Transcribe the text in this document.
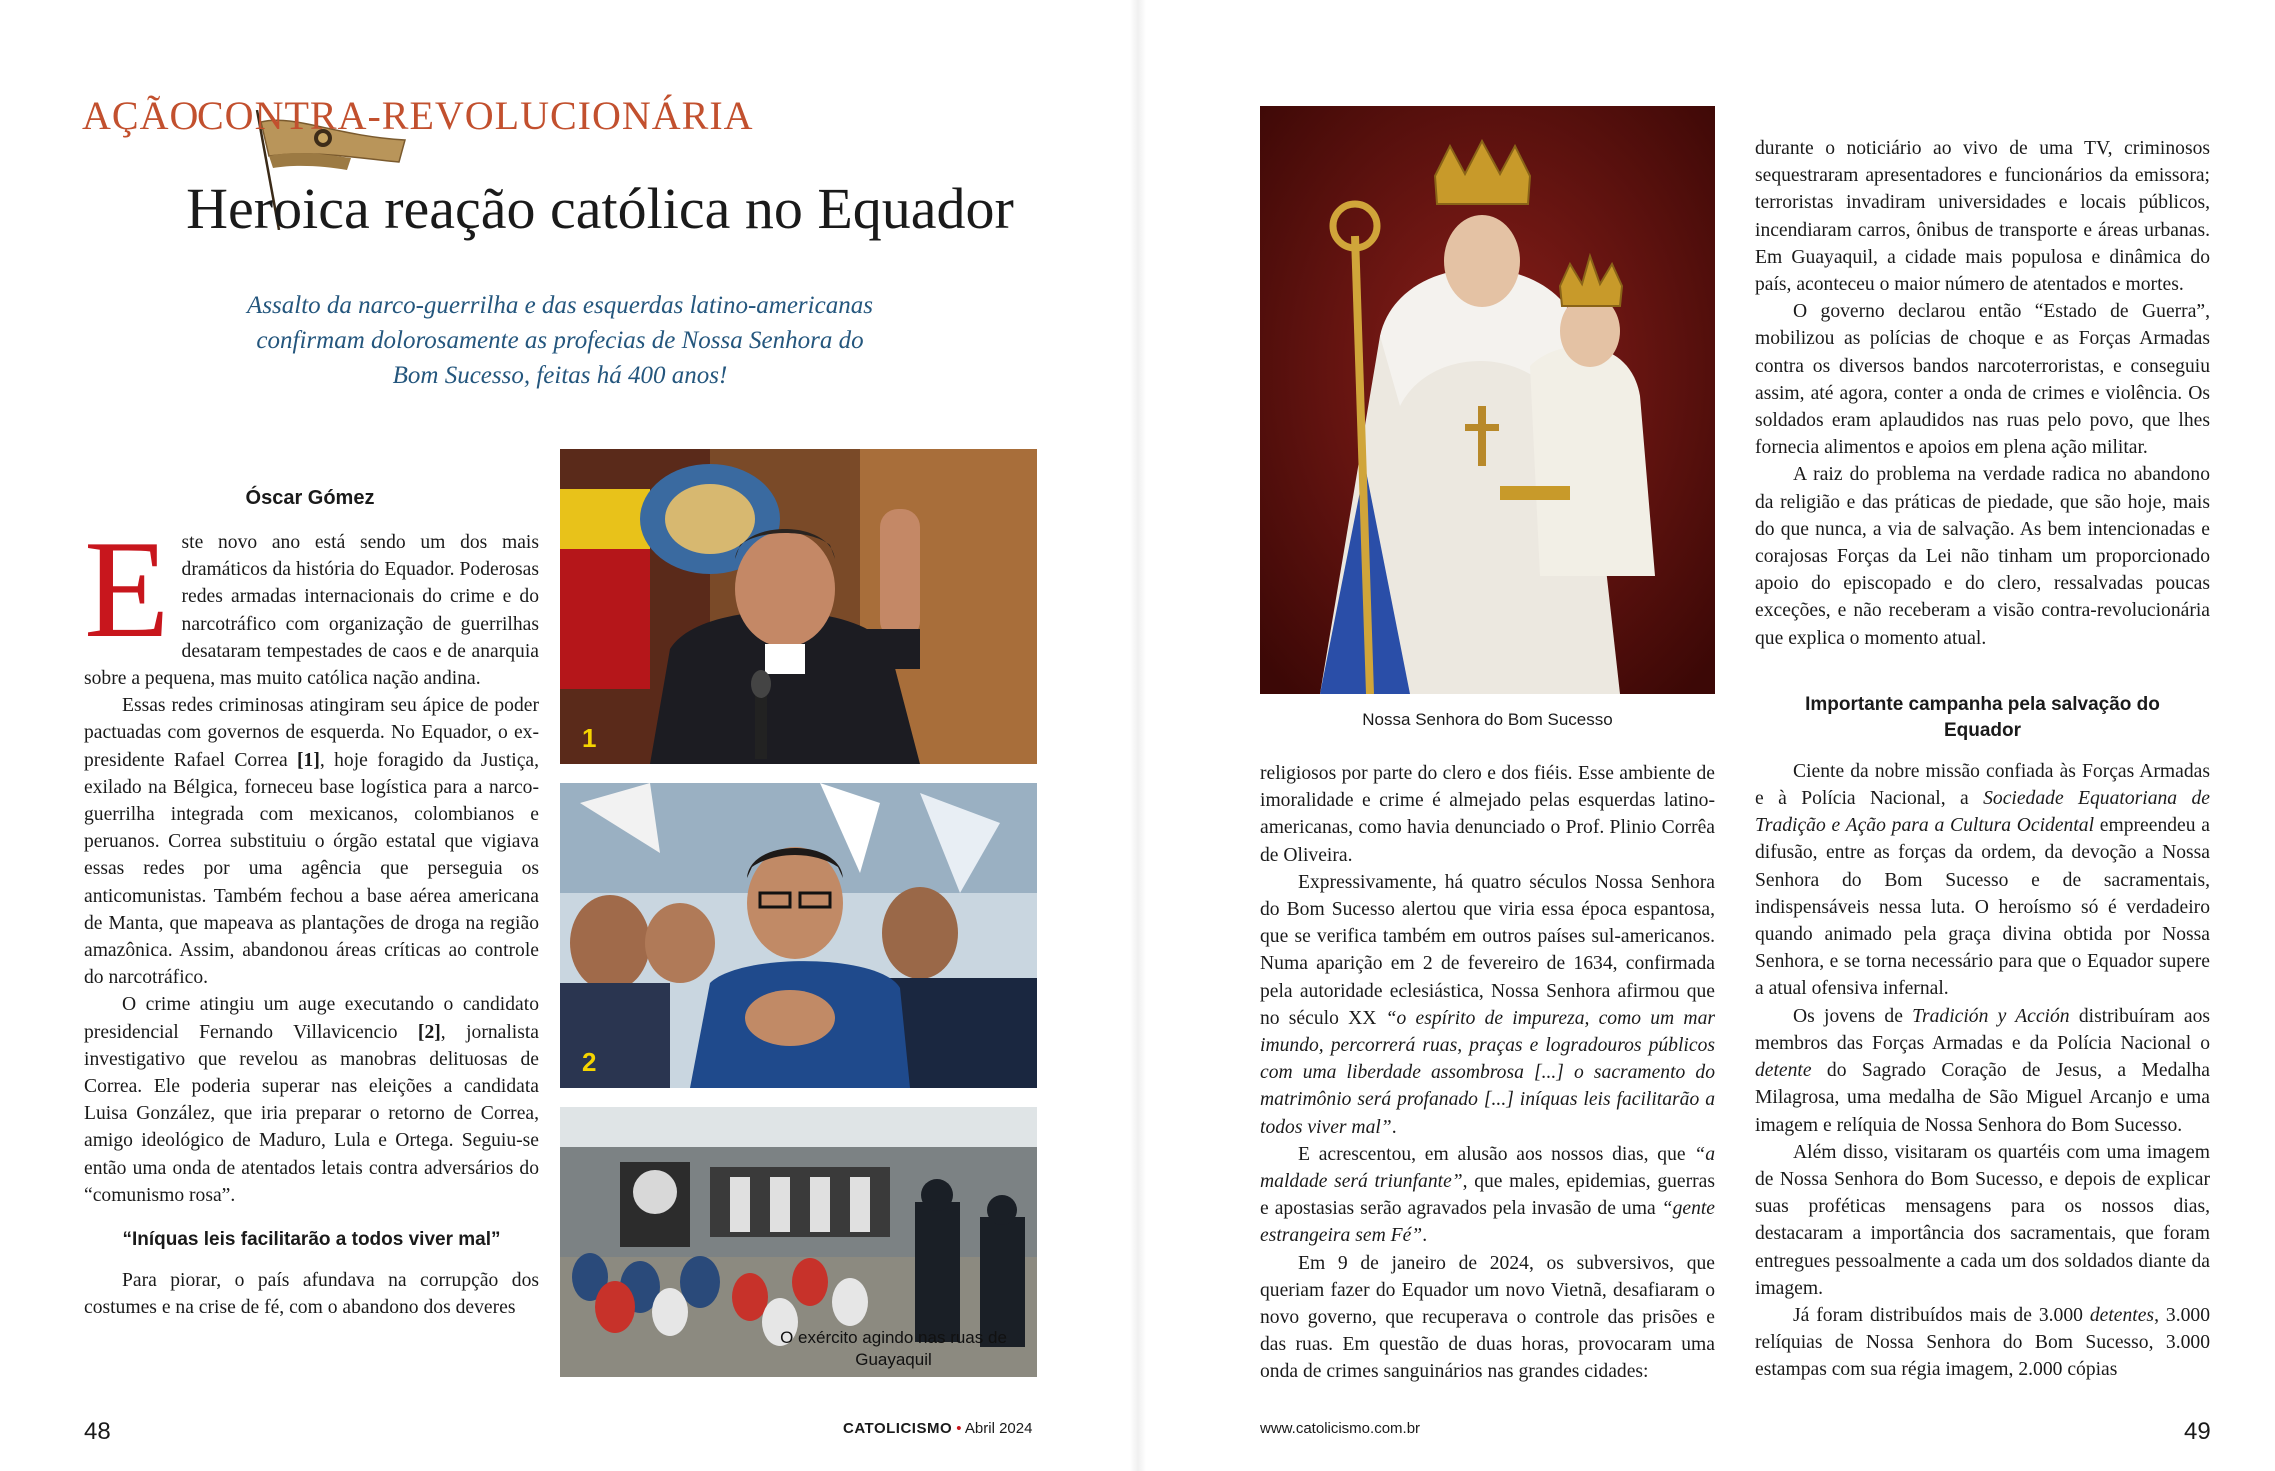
AÇÃO
CONTRA-REVOLUCIONÁRIA
Heroica reação católica no Equador
Assalto da narco-guerrilha e das esquerdas latino-americanas confirmam dolorosamente as profecias de Nossa Senhora do Bom Sucesso, feitas há 400 anos!
Óscar Gómez
E ste novo ano está sendo um dos mais dramáticos da história do Equador. Poderosas redes armadas internacionais do crime e do narcotráfico com organização de guerrilhas desataram tempestades de caos e de anarquia sobre a pequena, mas muito católica nação andina.

Essas redes criminosas atingiram seu ápice de poder pactuadas com governos de esquerda. No Equador, o ex-presidente Rafael Correa [1], hoje foragido da Justiça, exilado na Bélgica, forneceu base logística para a narco-guerrilha integrada com mexicanos, colombianos e peruanos. Correa substituiu o órgão estatal que vigiava essas redes por uma agência que perseguia os anticomunistas. Também fechou a base aérea americana de Manta, que mapeava as plantações de droga na região amazônica. Assim, abandonou áreas críticas ao controle do narcotráfico.

O crime atingiu um auge executando o candidato presidencial Fernando Villavicencio [2], jornalista investigativo que revelou as manobras delituosas de Correa. Ele poderia superar nas eleições a candidata Luisa González, que iria preparar o retorno de Correa, amigo ideológico de Maduro, Lula e Ortega. Seguiu-se então uma onda de atentados letais contra adversários do “comunismo rosa”.

“Iníquas leis facilitarão a todos viver mal”

Para piorar, o país afundava na corrupção dos costumes e na crise de fé, com o abandono dos deveres

1
2
O exército agindo nas ruas de Guayaquil
48	CATOLICISMO • Abril 2024
Nossa Senhora do Bom Sucesso

religiosos por parte do clero e dos fiéis. Esse ambiente de imoralidade e crime é almejado pelas esquerdas latino-americanas, como havia denunciado o Prof. Plinio Corrêa de Oliveira.

Expressivamente, há quatro séculos Nossa Senhora do Bom Sucesso alertou que viria essa época espantosa, que se verifica também em outros países sul-americanos. Numa aparição em 2 de fevereiro de 1634, confirmada pela autoridade eclesiástica, Nossa Senhora afirmou que no século XX “o espírito de impureza, como um mar imundo, percorrerá ruas, praças e logradouros públicos com uma liberdade assombrosa [...] o sacramento do matrimônio será profanado [...] iníquas leis facilitarão a todos viver mal”.

E acrescentou, em alusão aos nossos dias, que “a maldade será triunfante”, que males, epidemias, guerras e apostasias serão agravados pela invasão de uma “gente estrangeira sem Fé”.

Em 9 de janeiro de 2024, os subversivos, que queriam fazer do Equador um novo Vietnã, desafiaram o novo governo, que recuperava o controle das prisões e das ruas. Em questão de duas horas, provocaram uma onda de crimes sanguinários nas grandes cidades:

durante o noticiário ao vivo de uma TV, criminosos sequestraram apresentadores e funcionários da emissora; terroristas invadiram universidades e locais públicos, incendiaram carros, ônibus de transporte e áreas urbanas. Em Guayaquil, a cidade mais populosa e dinâmica do país, aconteceu o maior número de atentados e mortes.

O governo declarou então “Estado de Guerra”, mobilizou as polícias de choque e as Forças Armadas contra os diversos bandos narcoterroristas, e conseguiu assim, até agora, conter a onda de crimes e violência. Os soldados eram aplaudidos nas ruas pelo povo, que lhes fornecia alimentos e apoios em plena ação militar.

A raiz do problema na verdade radica no abandono da religião e das práticas de piedade, que são hoje, mais do que nunca, a via de salvação. As bem intencionadas e corajosas Forças da Lei não tinham um proporcionado apoio do episcopado e do clero, ressalvadas poucas exceções, e não receberam a visão contra-revolucionária que explica o momento atual.

Importante campanha pela salvação do Equador

Ciente da nobre missão confiada às Forças Armadas e à Polícia Nacional, a Sociedade Equatoriana de Tradição e Ação para a Cultura Ocidental empreendeu a difusão, entre as forças da ordem, da devoção a Nossa Senhora do Bom Sucesso e de sacramentais, indispensáveis nessa luta. O heroísmo só é verdadeiro quando animado pela graça divina obtida por Nossa Senhora, e se torna necessário para que o Equador supere a atual ofensiva infernal.

Os jovens de Tradición y Acción distribuíram aos membros das Forças Armadas e da Polícia Nacional o detente do Sagrado Coração de Jesus, a Medalha Milagrosa, uma medalha de São Miguel Arcanjo e uma imagem e relíquia de Nossa Senhora do Bom Sucesso.

Além disso, visitaram os quartéis com uma imagem de Nossa Senhora do Bom Sucesso, e depois de explicar suas proféticas mensagens para os nossos dias, destacaram a importância dos sacramentais, que foram entregues pessoalmente a cada um dos soldados diante da imagem.

Já foram distribuídos mais de 3.000 detentes, 3.000 relíquias de Nossa Senhora do Bom Sucesso, 3.000 estampas com sua régia imagem, 2.000 cópias

www.catolicismo.com.br	49
